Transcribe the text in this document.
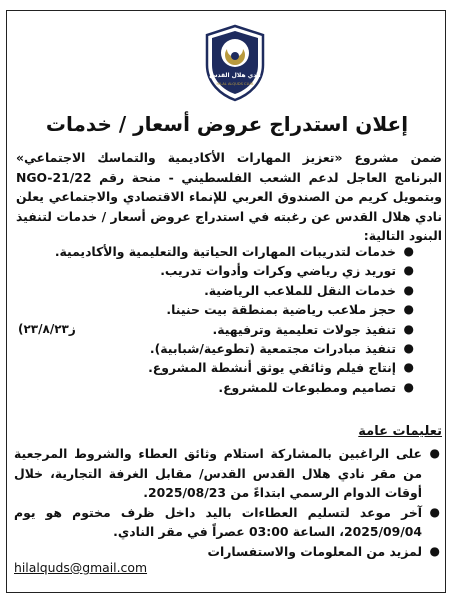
نادي هلال القدس
HILAL ALQUDS CLUB
إعلان استدراج عروض أسعار / خدمات

ضمن مشروع «تعزيز المهارات الأكاديمية والتماسك الاجتماعي» البرنامج العاجل لدعم الشعب الفلسطيني - منحة رقم NGO-21/22 وبتمويل كريم من الصندوق العربي للإنماء الاقتصادي والاجتماعي يعلن نادي هلال القدس عن رغبته في استدراج عروض أسعار / خدمات لتنفيذ البنود التالية:

●
خدمات لتدريبات المهارات الحياتية والتعليمية والأكاديمية.
●
توريد زي رياضي وكرات وأدوات تدريب.
●
خدمات النقل للملاعب الرياضية.
●
حجز ملاعب رياضية بمنطقة بيت حنينا.
●
تنفيذ جولات تعليمية وترفيهية.
●
تنفيذ مبادرات مجتمعية (تطوعية/شبابية).
●
إنتاج فيلم وثائقي يوثق أنشطة المشروع.
●
تصاميم ومطبوعات للمشروع.
ز٢٣/٨/٢٣)
تعليمات عامة
●
على الراغبين بالمشاركة استلام وثائق العطاء والشروط المرجعية من مقر نادي هلال القدس القدس/ مقابل الغرفة التجارية، خلال أوقات الدوام الرسمي ابتداءً من 2025/08/23.
●
آخر موعد لتسليم العطاءات باليد داخل ظرف مختوم هو يوم 2025/09/04، الساعة 03:00 عصراً في مقر النادي.
●
لمزيد من المعلومات والاستفسارات
hilalquds@gmail.com
